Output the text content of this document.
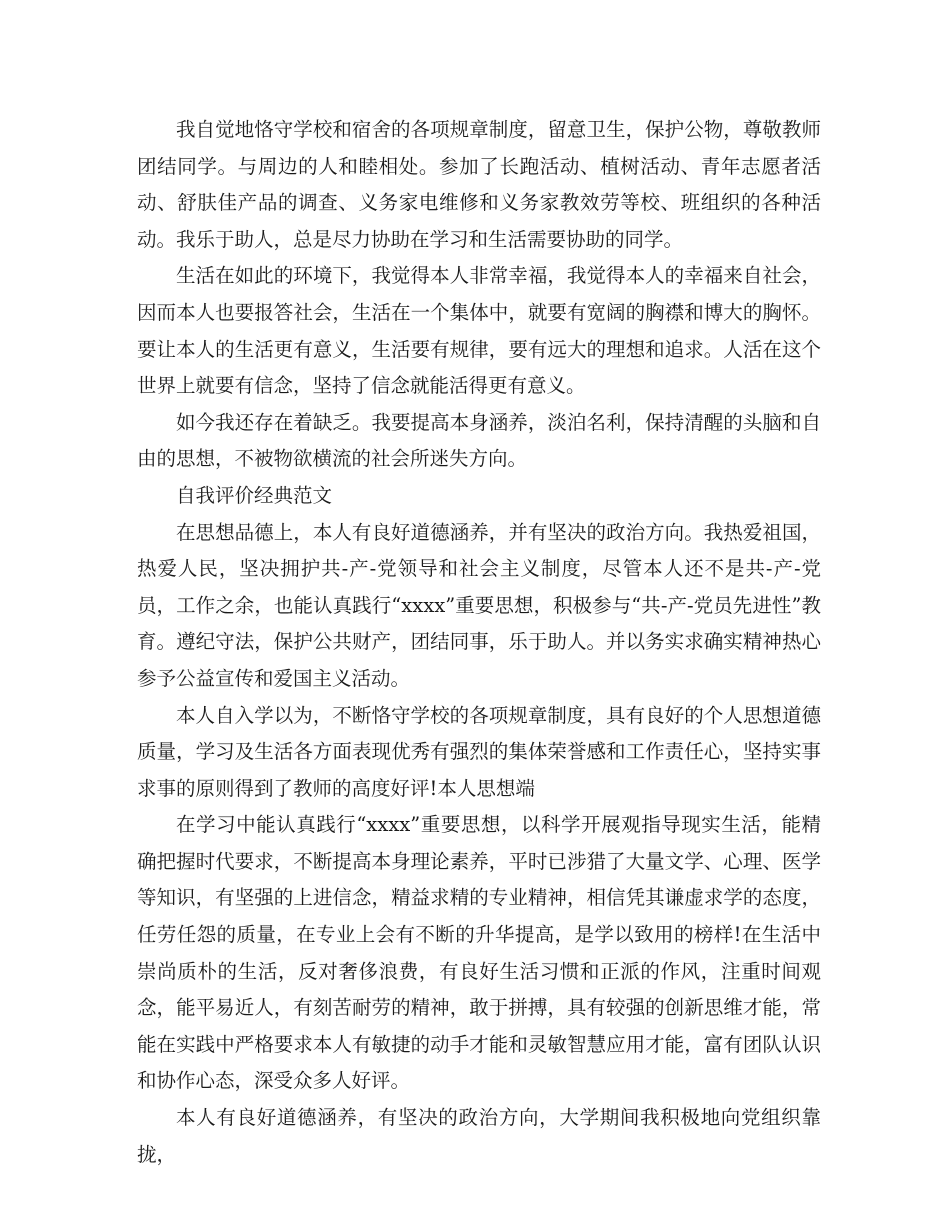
我自觉地恪守学校和宿舍的各项规章制度，留意卫生，保护公物，尊敬教师团结同学。与周边的人和睦相处。参加了长跑活动、植树活动、青年志愿者活动、舒肤佳产品的调查、义务家电维修和义务家教效劳等校、班组织的各种活动。我乐于助人，总是尽力协助在学习和生活需要协助的同学。

生活在如此的环境下，我觉得本人非常幸福，我觉得本人的幸福来自社会，因而本人也要报答社会，生活在一个集体中，就要有宽阔的胸襟和博大的胸怀。要让本人的生活更有意义，生活要有规律，要有远大的理想和追求。人活在这个世界上就要有信念，坚持了信念就能活得更有意义。

如今我还存在着缺乏。我要提高本身涵养，淡泊名利，保持清醒的头脑和自由的思想，不被物欲横流的社会所迷失方向。

自我评价经典范文

在思想品德上，本人有良好道德涵养，并有坚决的政治方向。我热爱祖国，热爱人民，坚决拥护共-产-党领导和社会主义制度，尽管本人还不是共-产-党员，工作之余，也能认真践行“xxxx”重要思想，积极参与“共-产-党员先进性”教育。遵纪守法，保护公共财产，团结同事，乐于助人。并以务实求确实精神热心参予公益宣传和爱国主义活动。

本人自入学以为，不断恪守学校的各项规章制度，具有良好的个人思想道德质量，学习及生活各方面表现优秀有强烈的集体荣誉感和工作责任心，坚持实事求事的原则得到了教师的高度好评!本人思想端

在学习中能认真践行“xxxx”重要思想，以科学开展观指导现实生活，能精确把握时代要求，不断提高本身理论素养，平时已涉猎了大量文学、心理、医学等知识，有坚强的上进信念，精益求精的专业精神，相信凭其谦虚求学的态度，任劳任怨的质量，在专业上会有不断的升华提高，是学以致用的榜样!在生活中崇尚质朴的生活，反对奢侈浪费，有良好生活习惯和正派的作风，注重时间观念，能平易近人，有刻苦耐劳的精神，敢于拼搏，具有较强的创新思维才能，常能在实践中严格要求本人有敏捷的动手才能和灵敏智慧应用才能，富有团队认识和协作心态，深受众多人好评。

本人有良好道德涵养，有坚决的政治方向，大学期间我积极地向党组织靠拢，
